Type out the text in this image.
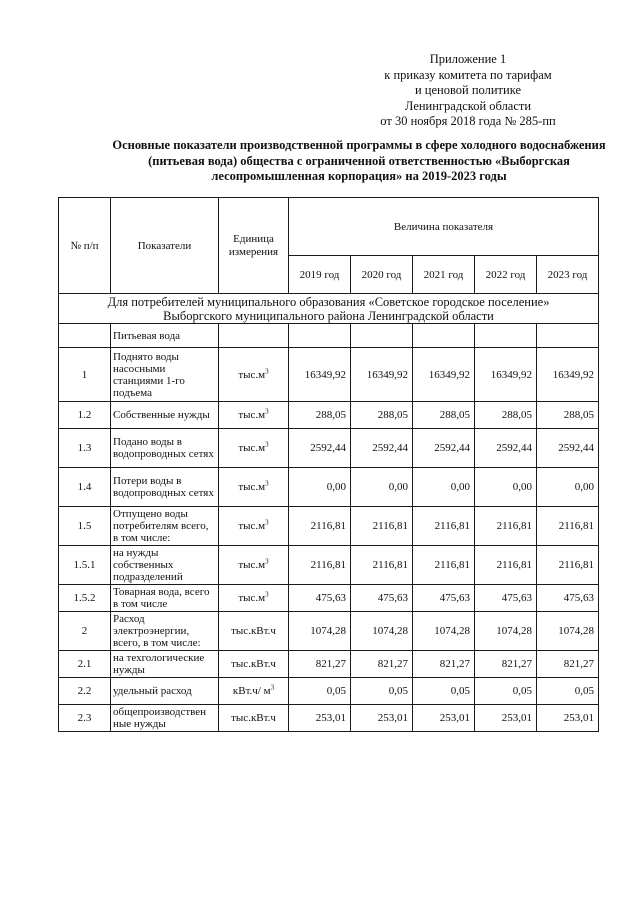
Приложение 1
к приказу комитета по тарифам
и ценовой политике
Ленинградской области
от 30 ноября 2018 года № 285-пп
Основные показатели производственной программы в сфере холодного водоснабжения
(питьевая вода) общества с ограниченной ответственностью «Выборгская
лесопромышленная корпорация» на 2019-2023 годы
№ п/п	Показатели	Единица измерения	Величина показателя				
			2019 год	2020 год	2021 год	2022 год	2023 год

Для потребителей муниципального образования «Советское городское поселение»
Выборгского муниципального района Ленинградской области							

	Питьевая вода						
1	Поднято воды насосными станциями 1-го подъема	$тыс.м^3$	16349,92	16349,92	16349,92	16349,92	16349,92
1.2	Собственные нужды	$тыс.м^3$	288,05	288,05	288,05	288,05	288,05
1.3	Подано воды в водопроводных сетях	$тыс.м^3$	2592,44	2592,44	2592,44	2592,44	2592,44
1.4	Потери воды в водопроводных сетях	$тыс.м^3$	0,00	0,00	0,00	0,00	0,00
1.5	Отпущено воды потребителям всего, в том числе:	$тыс.м^3$	2116,81	2116,81	2116,81	2116,81	2116,81
1.5.1	на нужды собственных подразделений	$тыс.м^3$	2116,81	2116,81	2116,81	2116,81	2116,81
1.5.2	Товарная вода, всего в том числе	$тыс.м^3$	475,63	475,63	475,63	475,63	475,63
2	Расход электроэнергии, всего, в том числе:	тыс.кВт.ч	1074,28	1074,28	1074,28	1074,28	1074,28
2.1	на техгологические нужды	тыс.кВт.ч	821,27	821,27	821,27	821,27	821,27
2.2	удельный расход	кВт.ч/ $м^3$	0,05	0,05	0,05	0,05	0,05
2.3	общепроизводствен ные нужды	тыс.кВт.ч	253,01	253,01	253,01	253,01	253,01
